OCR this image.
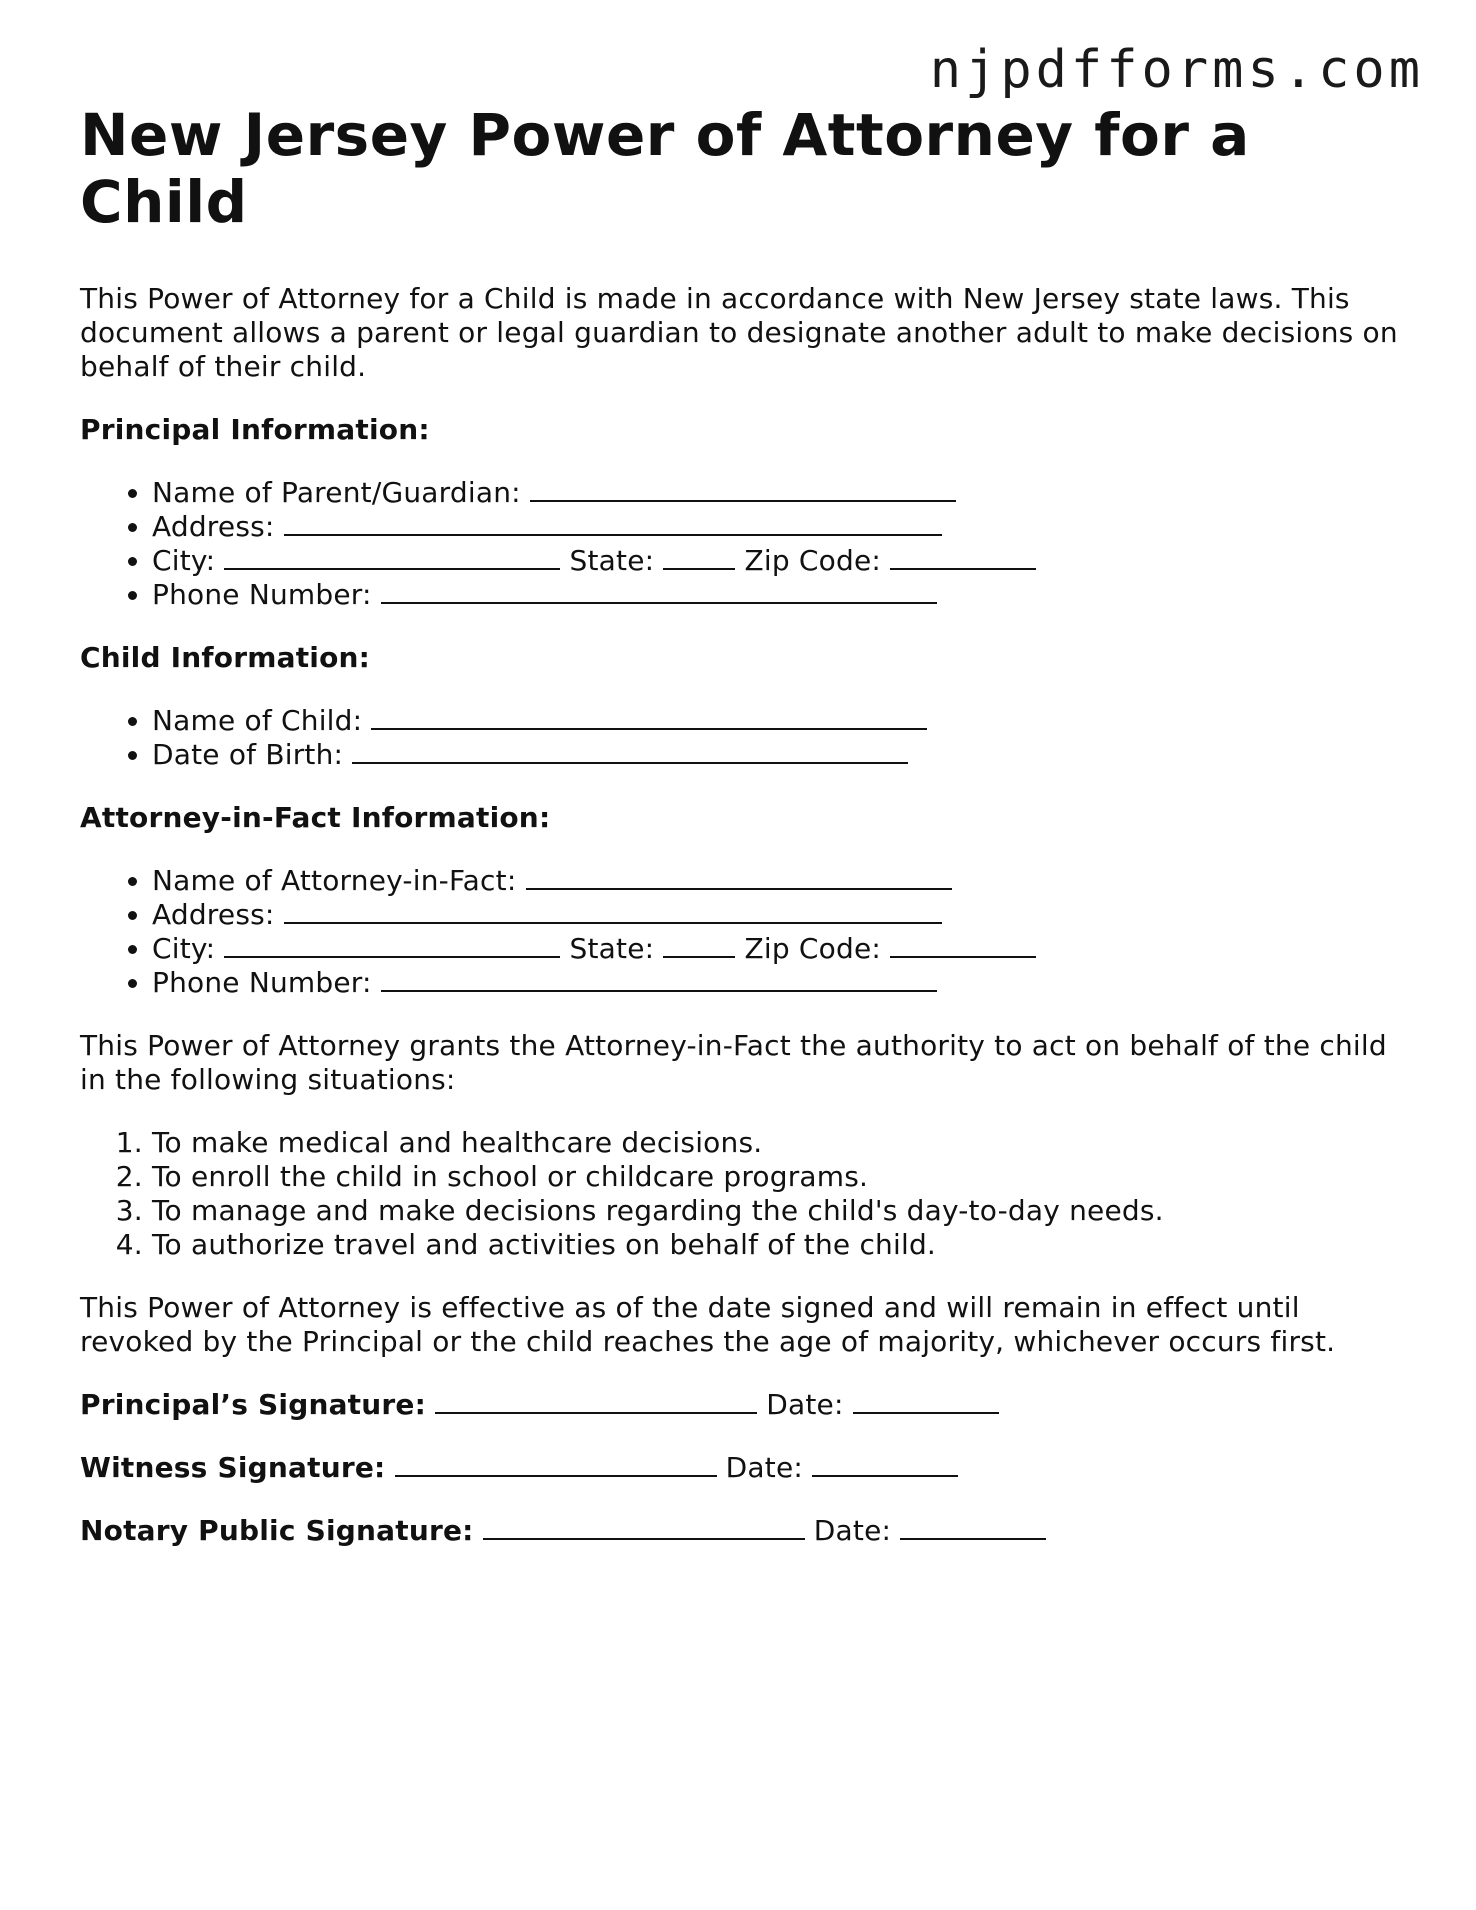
njpdfforms.com
New Jersey Power of Attorney for a Child

This Power of Attorney for a Child is made in accordance with New Jersey state laws. This document allows a parent or legal guardian to designate another adult to make decisions on behalf of their child.

Principal Information:

• Name of Parent/Guardian:
• Address:
• City:	State:	Zip Code:
• Phone Number:

Child Information:

• Name of Child:
• Date of Birth:

Attorney-in-Fact Information:

• Name of Attorney-in-Fact:
• Address:
• City:	State:	Zip Code:
• Phone Number:

This Power of Attorney grants the Attorney-in-Fact the authority to act on behalf of the child in the following situations:

1. To make medical and healthcare decisions.
2. To enroll the child in school or childcare programs.
3. To manage and make decisions regarding the child's day-to-day needs.
4. To authorize travel and activities on behalf of the child.

This Power of Attorney is effective as of the date signed and will remain in effect until revoked by the Principal or the child reaches the age of majority, whichever occurs first.

Principal’s Signature:	Date:

Witness Signature:	Date:

Notary Public Signature:	Date:
